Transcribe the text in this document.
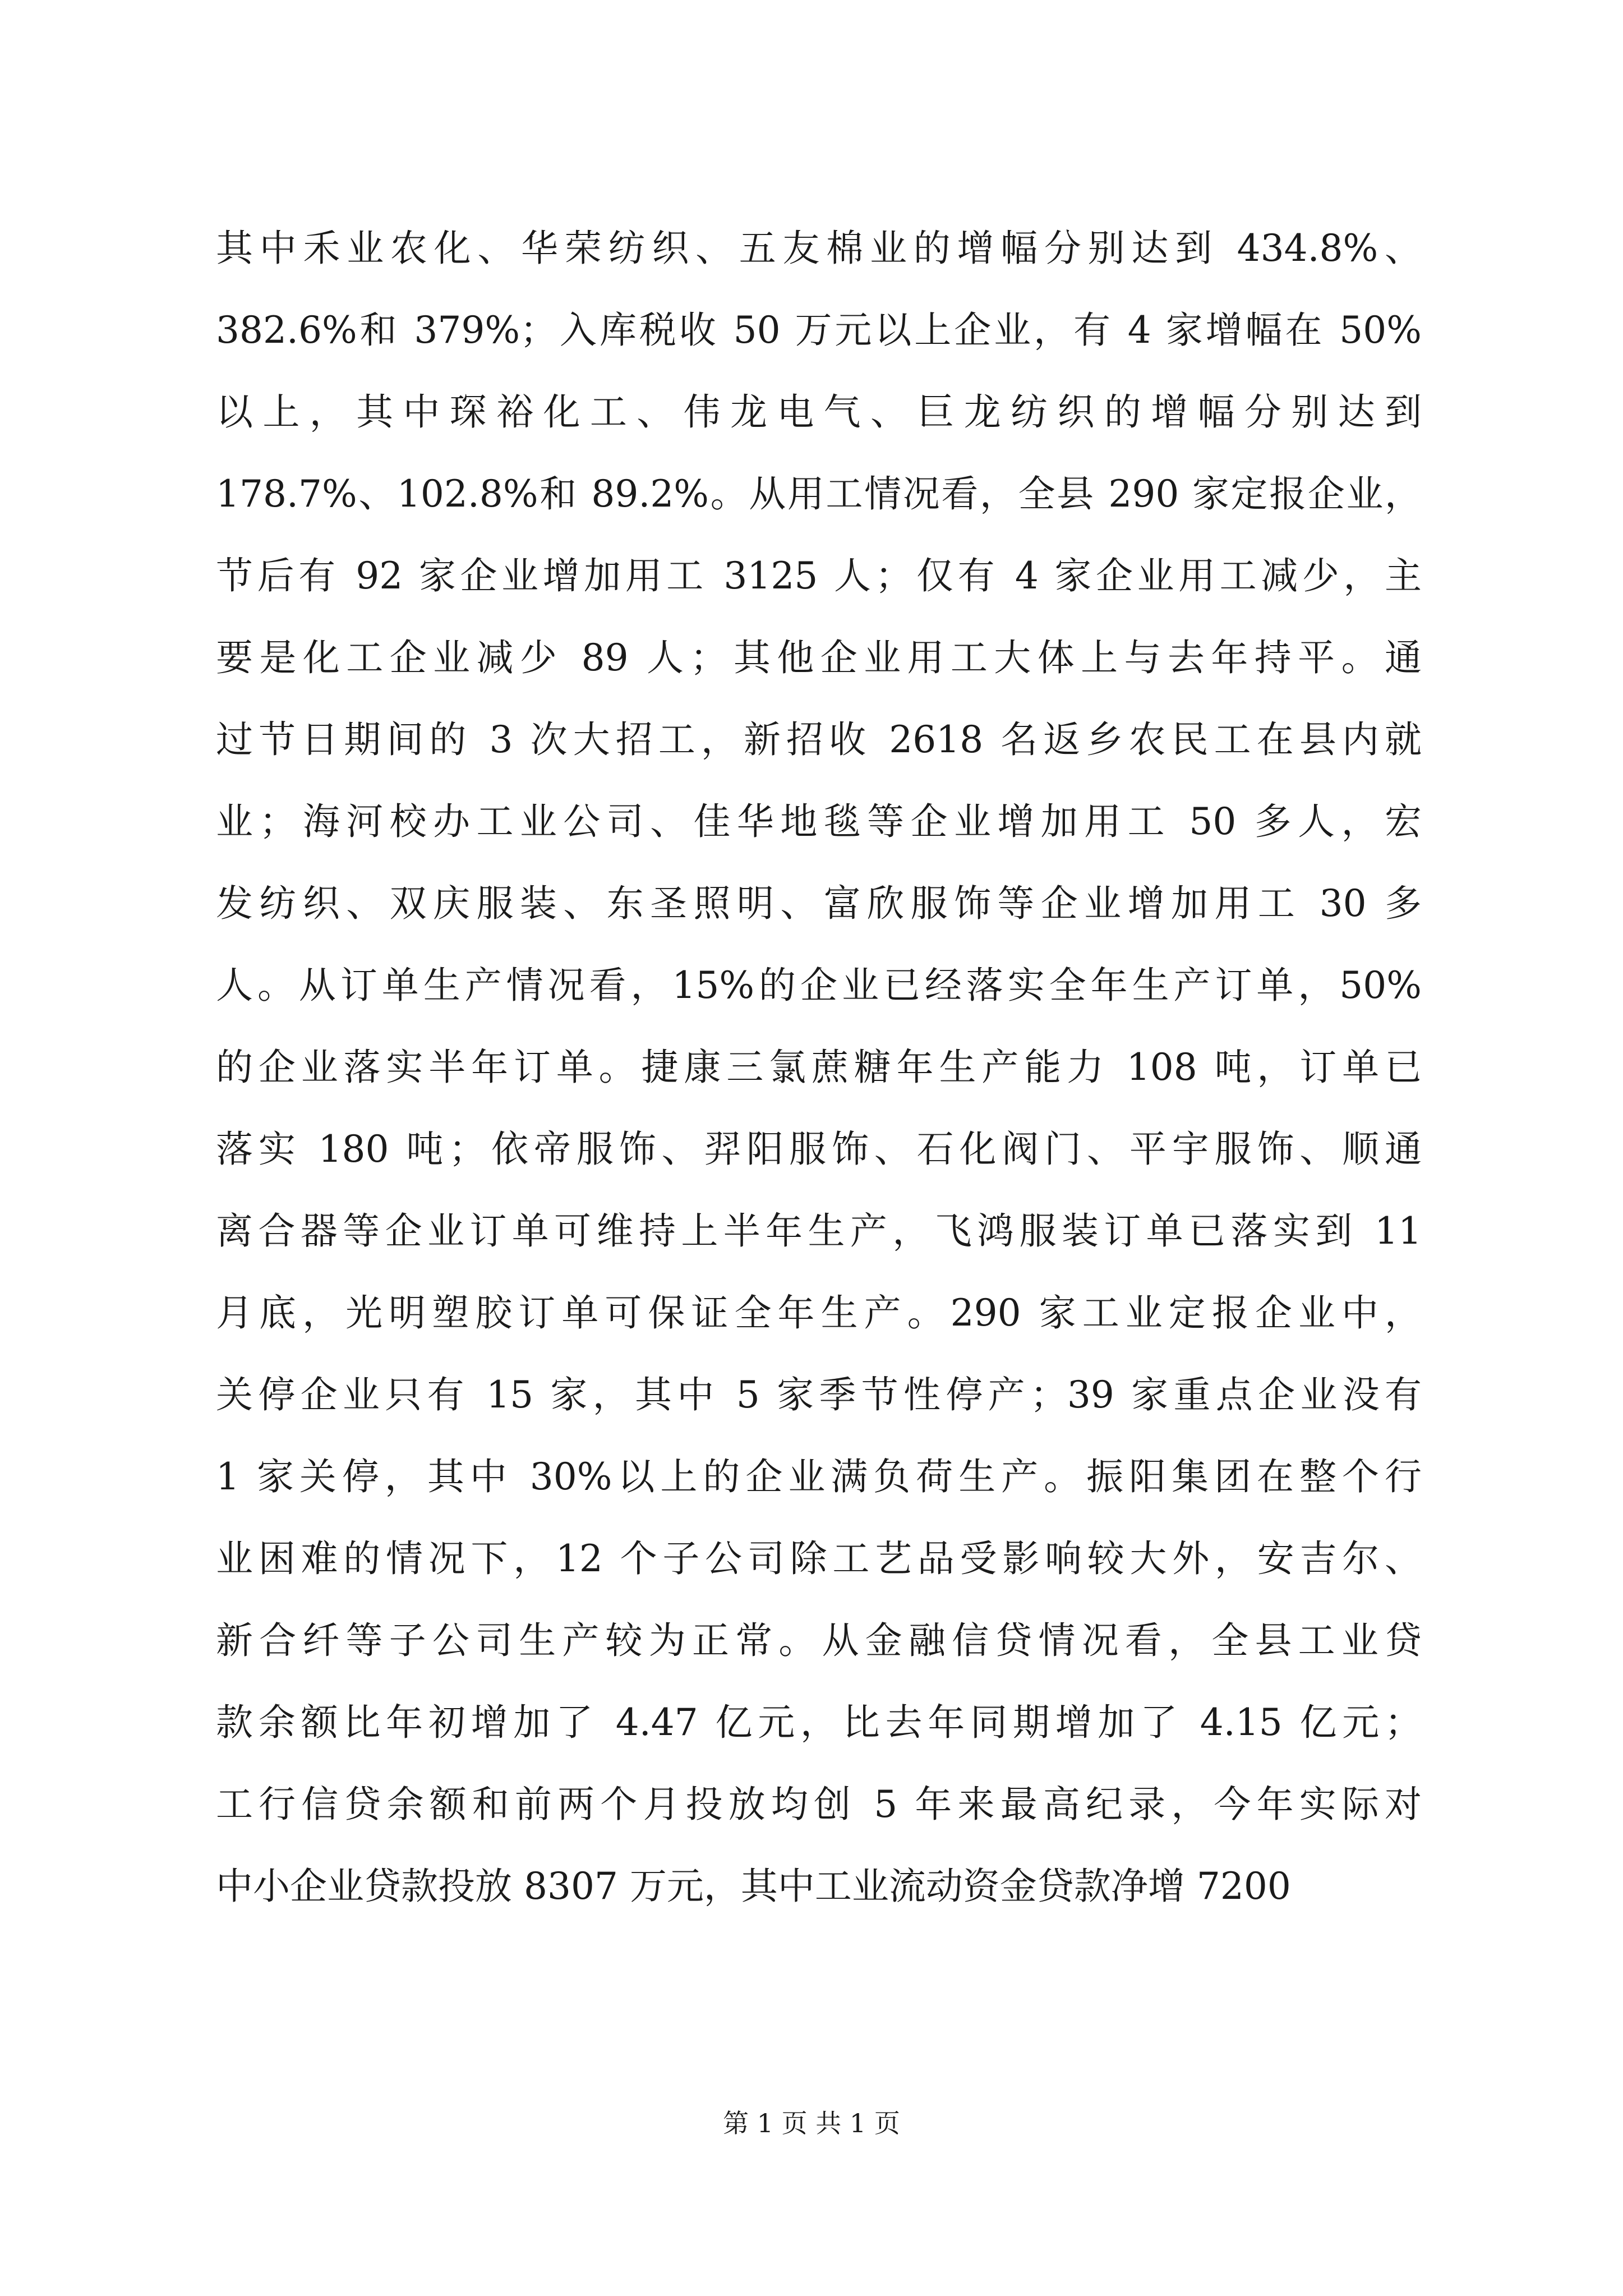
其中禾业农化、华荣纺织、五友棉业的增幅分别达到 434.8%、
382.6%和 379%；入库税收 50 万元以上企业，有 4 家增幅在 50%
以上，其中琛裕化工、伟龙电气、巨龙纺织的增幅分别达到
178.7%、102.8%和 89.2%。从用工情况看，全县 290 家定报企业，
节后有 92 家企业增加用工 3125 人；仅有 4 家企业用工减少，主
要是化工企业减少 89 人；其他企业用工大体上与去年持平。通
过节日期间的 3 次大招工，新招收 2618 名返乡农民工在县内就
业；海河校办工业公司、佳华地毯等企业增加用工 50 多人，宏
发纺织、双庆服装、东圣照明、富欣服饰等企业增加用工 30 多
人。从订单生产情况看，15%的企业已经落实全年生产订单，50%
的企业落实半年订单。捷康三氯蔗糖年生产能力 108 吨，订单已
落实 180 吨；依帝服饰、羿阳服饰、石化阀门、平宇服饰、顺通
离合器等企业订单可维持上半年生产，飞鸿服装订单已落实到 11
月底，光明塑胶订单可保证全年生产。290 家工业定报企业中，
关停企业只有 15 家，其中 5 家季节性停产；39 家重点企业没有
1 家关停，其中 30%以上的企业满负荷生产。振阳集团在整个行
业困难的情况下，12 个子公司除工艺品受影响较大外，安吉尔、
新合纤等子公司生产较为正常。从金融信贷情况看，全县工业贷
款余额比年初增加了 4.47 亿元，比去年同期增加了 4.15 亿元；
工行信贷余额和前两个月投放均创 5 年来最高纪录，今年实际对
中小企业贷款投放 8307 万元，其中工业流动资金贷款净增 7200
第 1 页 共 1 页
